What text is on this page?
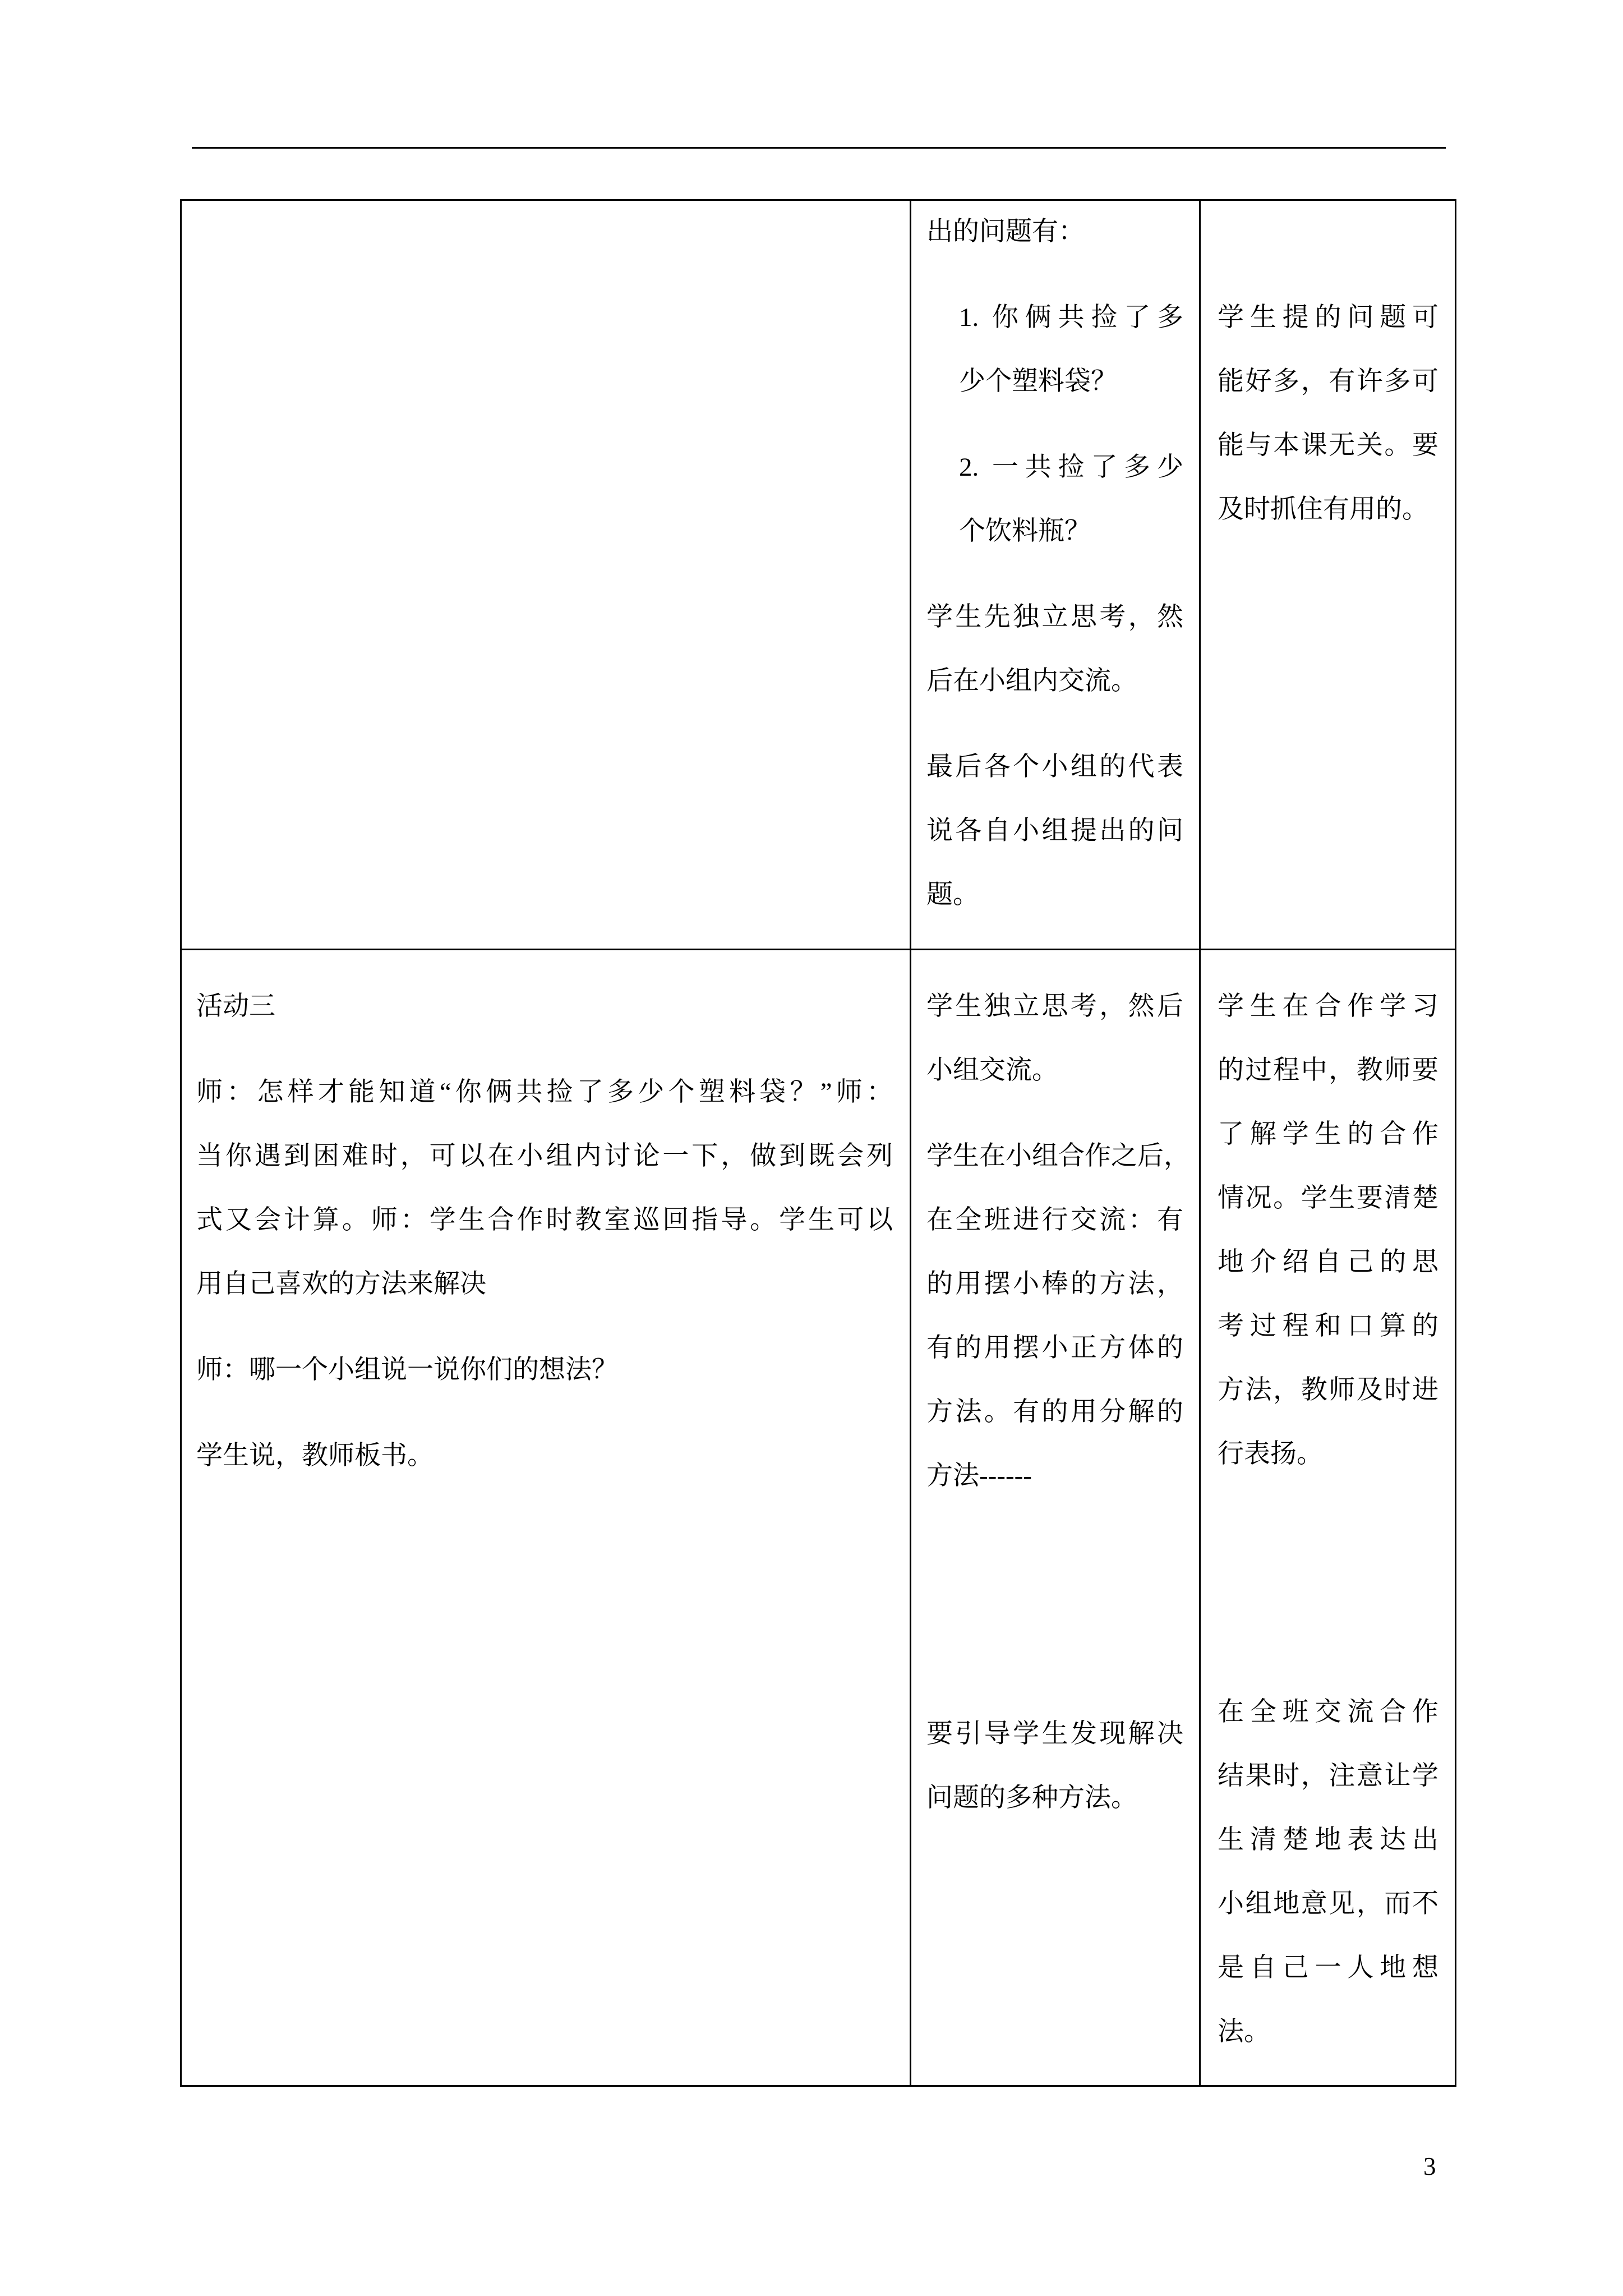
出的问题有：
1. 你俩共捡了多
少个塑料袋？
2. 一共捡了多少
个饮料瓶？
学生先独立思考，然
后在小组内交流。
最后各个小组的代表
说各自小组提出的问
题。
学生提的问题可
能好多，有许多可
能与本课无关。要
及时抓住有用的。
活动三
师：怎样才能知道“你俩共捡了多少个塑料袋？”师：
当你遇到困难时，可以在小组内讨论一下，做到既会列
式又会计算。师：学生合作时教室巡回指导。学生可以
用自己喜欢的方法来解决
师：哪一个小组说一说你们的想法？
学生说，教师板书。
学生独立思考，然后
小组交流。
学生在小组合作之后，
在全班进行交流：有
的用摆小棒的方法，
有的用摆小正方体的
方法。有的用分解的
方法------
要引导学生发现解决
问题的多种方法。
学生在合作学习
的过程中，教师要
了解学生的合作
情况。学生要清楚
地介绍自己的思
考过程和口算的
方法，教师及时进
行表扬。
在全班交流合作
结果时，注意让学
生清楚地表达出
小组地意见，而不
是自己一人地想
法。
3
